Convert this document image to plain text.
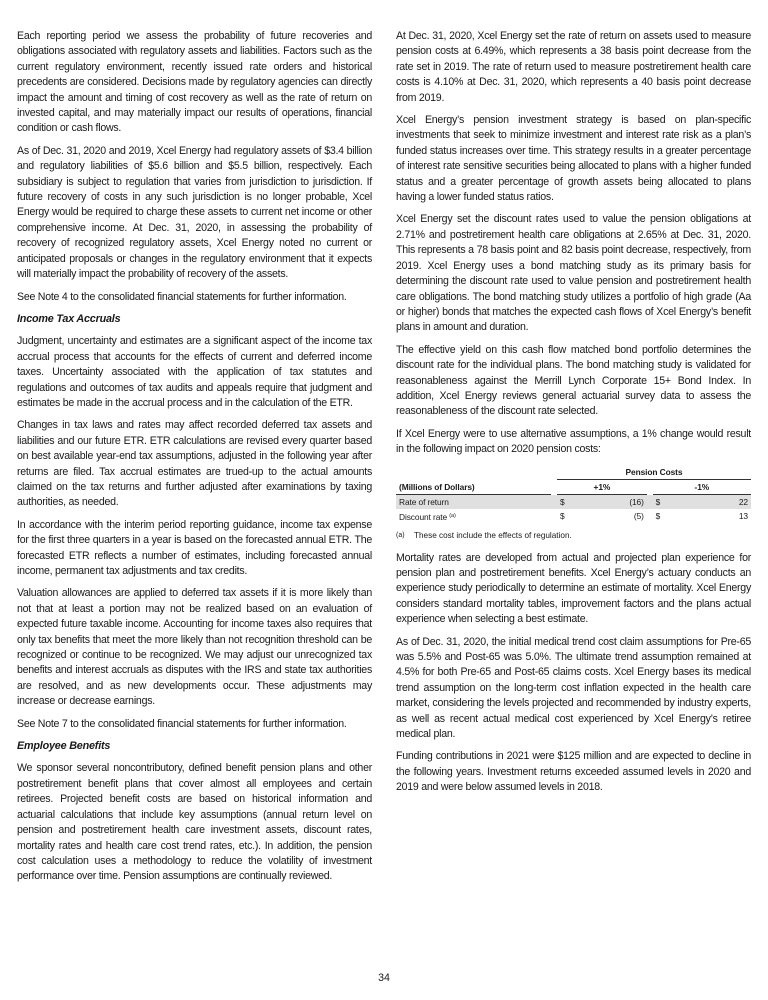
Each reporting period we assess the probability of future recoveries and obligations associated with regulatory assets and liabilities. Factors such as the current regulatory environment, recently issued rate orders and historical precedents are considered. Decisions made by regulatory agencies can directly impact the amount and timing of cost recovery as well as the rate of return on invested capital, and may materially impact our results of operations, financial condition or cash flows.

As of Dec. 31, 2020 and 2019, Xcel Energy had regulatory assets of $3.4 billion and regulatory liabilities of $5.6 billion and $5.5 billion, respectively. Each subsidiary is subject to regulation that varies from jurisdiction to jurisdiction. If future recovery of costs in any such jurisdiction is no longer probable, Xcel Energy would be required to charge these assets to current net income or other comprehensive income. At Dec. 31, 2020, in assessing the probability of recovery of recognized regulatory assets, Xcel Energy noted no current or anticipated proposals or changes in the regulatory environment that it expects will materially impact the probability of recovery of the assets.

See Note 4 to the consolidated financial statements for further information.

Income Tax Accruals

Judgment, uncertainty and estimates are a significant aspect of the income tax accrual process that accounts for the effects of current and deferred income taxes. Uncertainty associated with the application of tax statutes and regulations and outcomes of tax audits and appeals require that judgment and estimates be made in the accrual process and in the calculation of the ETR.

Changes in tax laws and rates may affect recorded deferred tax assets and liabilities and our future ETR. ETR calculations are revised every quarter based on best available year-end tax assumptions, adjusted in the following year after returns are filed. Tax accrual estimates are trued-up to the actual amounts claimed on the tax returns and further adjusted after examinations by taxing authorities, as needed.

In accordance with the interim period reporting guidance, income tax expense for the first three quarters in a year is based on the forecasted annual ETR. The forecasted ETR reflects a number of estimates, including forecasted annual income, permanent tax adjustments and tax credits.

Valuation allowances are applied to deferred tax assets if it is more likely than not that at least a portion may not be realized based on an evaluation of expected future taxable income. Accounting for income taxes also requires that only tax benefits that meet the more likely than not recognition threshold can be recognized or continue to be recognized. We may adjust our unrecognized tax benefits and interest accruals as disputes with the IRS and state tax authorities are resolved, and as new developments occur. These adjustments may increase or decrease earnings.

See Note 7 to the consolidated financial statements for further information.

Employee Benefits

We sponsor several noncontributory, defined benefit pension plans and other postretirement benefit plans that cover almost all employees and certain retirees. Projected benefit costs are based on historical information and actuarial calculations that include key assumptions (annual return level on pension and postretirement health care investment assets, discount rates, mortality rates and health care cost trend rates, etc.). In addition, the pension cost calculation uses a methodology to reduce the volatility of investment performance over time. Pension assumptions are continually reviewed.

At Dec. 31, 2020, Xcel Energy set the rate of return on assets used to measure pension costs at 6.49%, which represents a 38 basis point decrease from the rate set in 2019. The rate of return used to measure postretirement health care costs is 4.10% at Dec. 31, 2020, which represents a 40 basis point decrease from 2019.

Xcel Energy’s pension investment strategy is based on plan-specific investments that seek to minimize investment and interest rate risk as a plan’s funded status increases over time. This strategy results in a greater percentage of interest rate sensitive securities being allocated to plans with a higher funded status and a greater percentage of growth assets being allocated to plans having a lower funded status ratios.

Xcel Energy set the discount rates used to value the pension obligations at 2.71% and postretirement health care obligations at 2.65% at Dec. 31, 2020. This represents a 78 basis point and 82 basis point decrease, respectively, from 2019. Xcel Energy uses a bond matching study as its primary basis for determining the discount rate used to value pension and postretirement health care obligations. The bond matching study utilizes a portfolio of high grade (Aa or higher) bonds that matches the expected cash flows of Xcel Energy’s benefit plans in amount and duration.

The effective yield on this cash flow matched bond portfolio determines the discount rate for the individual plans. The bond matching study is validated for reasonableness against the Merrill Lynch Corporate 15+ Bond Index. In addition, Xcel Energy reviews general actuarial survey data to assess the reasonableness of the discount rate selected.

If Xcel Energy were to use alternative assumptions, a 1% change would result in the following impact on 2020 pension costs:

		Pension Costs				
(Millions of Dollars)		+1%			-1%	
Rate of return		$	(16)		$	22
Discount rate $^{(a)}$		$	(5)		$	13
(a)	These cost include the effects of regulation.

Mortality rates are developed from actual and projected plan experience for pension plan and postretirement benefits. Xcel Energy’s actuary conducts an experience study periodically to determine an estimate of mortality. Xcel Energy considers standard mortality tables, improvement factors and the plans actual experience when selecting a best estimate.

As of Dec. 31, 2020, the initial medical trend cost claim assumptions for Pre-65 was 5.5% and Post-65 was 5.0%. The ultimate trend assumption remained at 4.5% for both Pre-65 and Post-65 claims costs. Xcel Energy bases its medical trend assumption on the long-term cost inflation expected in the health care market, considering the levels projected and recommended by industry experts, as well as recent actual medical cost experienced by Xcel Energy’s retiree medical plan.

Funding contributions in 2021 were $125 million and are expected to decline in the following years. Investment returns exceeded assumed levels in 2020 and 2019 and were below assumed levels in 2018.

34
